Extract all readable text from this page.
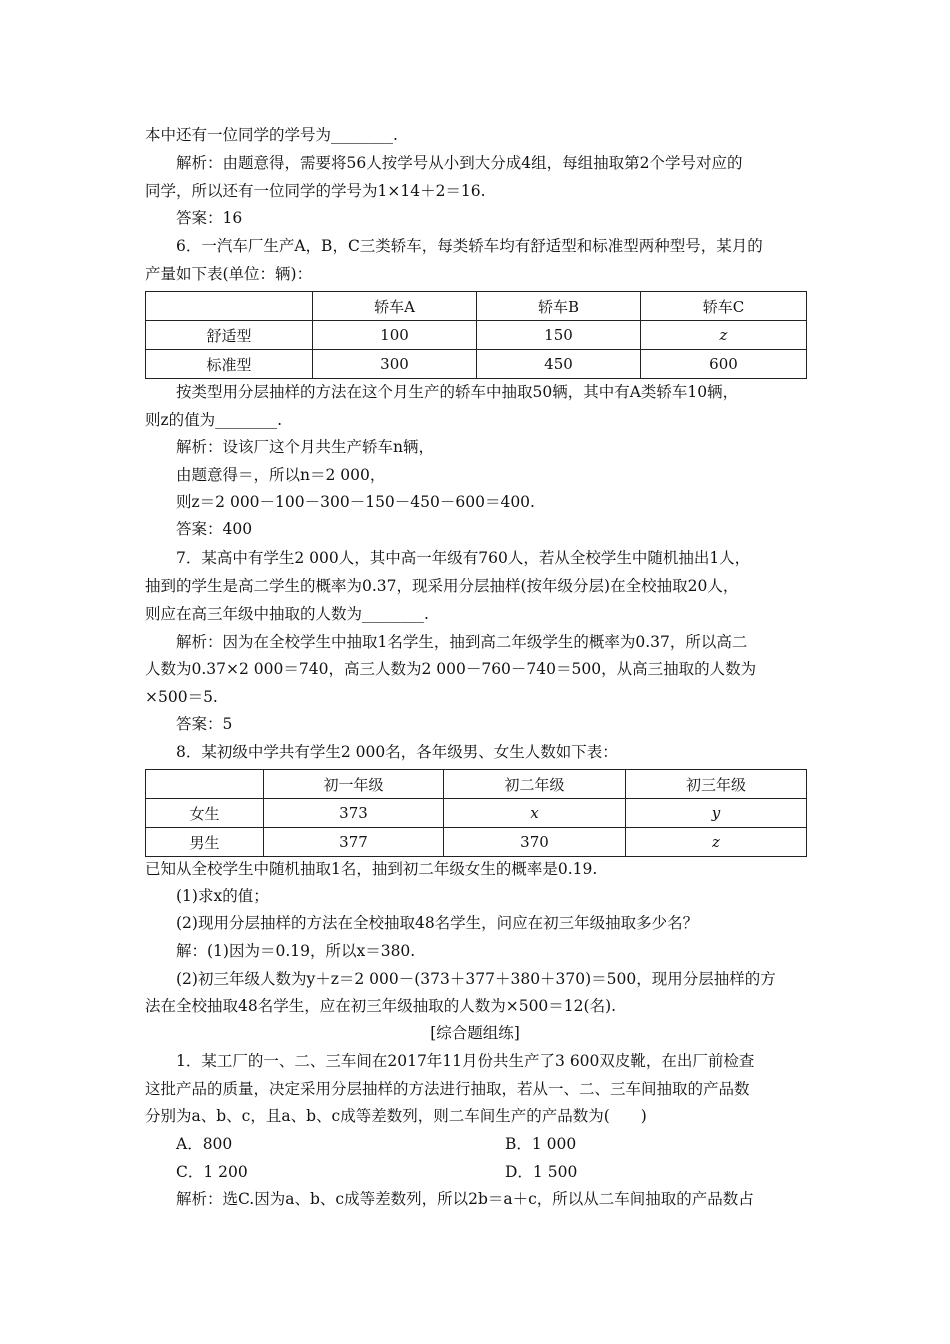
本中还有一位同学的学号为________.
解析：由题意得，需要将56人按学号从小到大分成4组，每组抽取第2个学号对应的
同学，所以还有一位同学的学号为1×14＋2＝16.
答案：16
6．一汽车厂生产A，B，C三类轿车，每类轿车均有舒适型和标准型两种型号，某月的
产量如下表(单位：辆)：
	轿车A	轿车B	轿车C
舒适型	100	150	z
标准型	300	450	600
按类型用分层抽样的方法在这个月生产的轿车中抽取50辆，其中有A类轿车10辆，
则z的值为________.
解析：设该厂这个月共生产轿车n辆，
由题意得＝，所以n＝2 000，
则z＝2 000－100－300－150－450－600＝400.
答案：400
7．某高中有学生2 000人，其中高一年级有760人，若从全校学生中随机抽出1人，
抽到的学生是高二学生的概率为0.37，现采用分层抽样(按年级分层)在全校抽取20人，
则应在高三年级中抽取的人数为________.
解析：因为在全校学生中抽取1名学生，抽到高二年级学生的概率为0.37，所以高二
人数为0.37×2 000＝740，高三人数为2 000－760－740＝500，从高三抽取的人数为
×500＝5.
答案：5
8．某初级中学共有学生2 000名，各年级男、女生人数如下表：
	初一年级	初二年级	初三年级
女生	373	x	y
男生	377	370	z
已知从全校学生中随机抽取1名，抽到初二年级女生的概率是0.19.
(1)求x的值；
(2)现用分层抽样的方法在全校抽取48名学生，问应在初三年级抽取多少名？
解：(1)因为＝0.19，所以x＝380.
(2)初三年级人数为y＋z＝2 000－(373＋377＋380＋370)＝500，现用分层抽样的方
法在全校抽取48名学生，应在初三年级抽取的人数为×500＝12(名).
[综合题组练]
1．某工厂的一、二、三车间在2017年11月份共生产了3 600双皮靴，在出厂前检查
这批产品的质量，决定采用分层抽样的方法进行抽取，若从一、二、三车间抽取的产品数
分别为a、b、c，且a、b、c成等差数列，则二车间生产的产品数为(　　)
A．800	B．1 000
C．1 200	D．1 500
解析：选C.因为a、b、c成等差数列，所以2b＝a＋c，所以从二车间抽取的产品数占
